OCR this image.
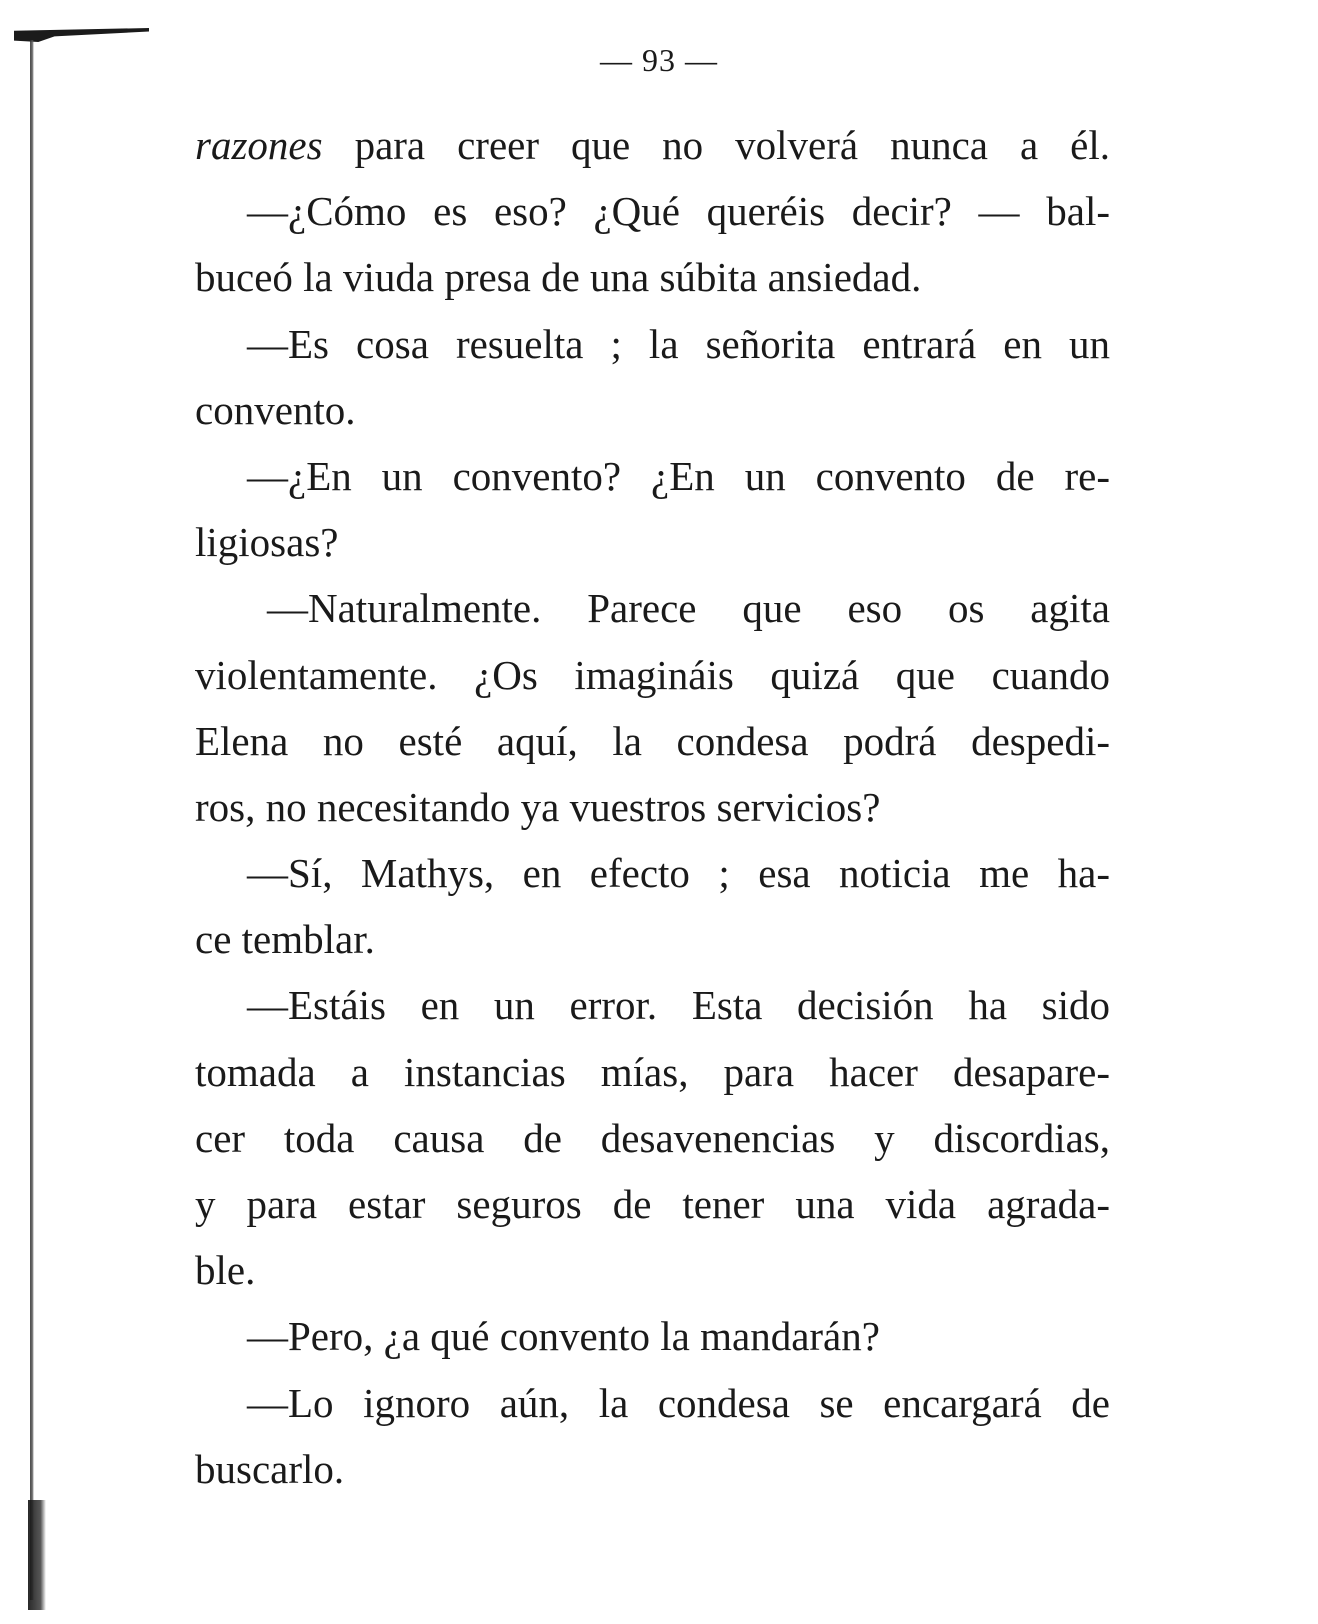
— 93 —
razones para creer que no volverá nunca a él.
—¿Cómo es eso? ¿Qué queréis decir? — bal-
buceó la viuda presa de una súbita ansiedad.
—Es cosa resuelta ; la señorita entrará en un
convento.
—¿En un convento? ¿En un convento de re-
ligiosas?
—Naturalmente. Parece que eso os agita
violentamente. ¿Os imagináis quizá que cuando
Elena no esté aquí, la condesa podrá despedi-
ros, no necesitando ya vuestros servicios?
—Sí, Mathys, en efecto ; esa noticia me ha-
ce temblar.
—Estáis en un error. Esta decisión ha sido
tomada a instancias mías, para hacer desapare-
cer toda causa de desavenencias y discordias,
y para estar seguros de tener una vida agrada-
ble.
—Pero, ¿a qué convento la mandarán?
—Lo ignoro aún, la condesa se encargará de
buscarlo.
